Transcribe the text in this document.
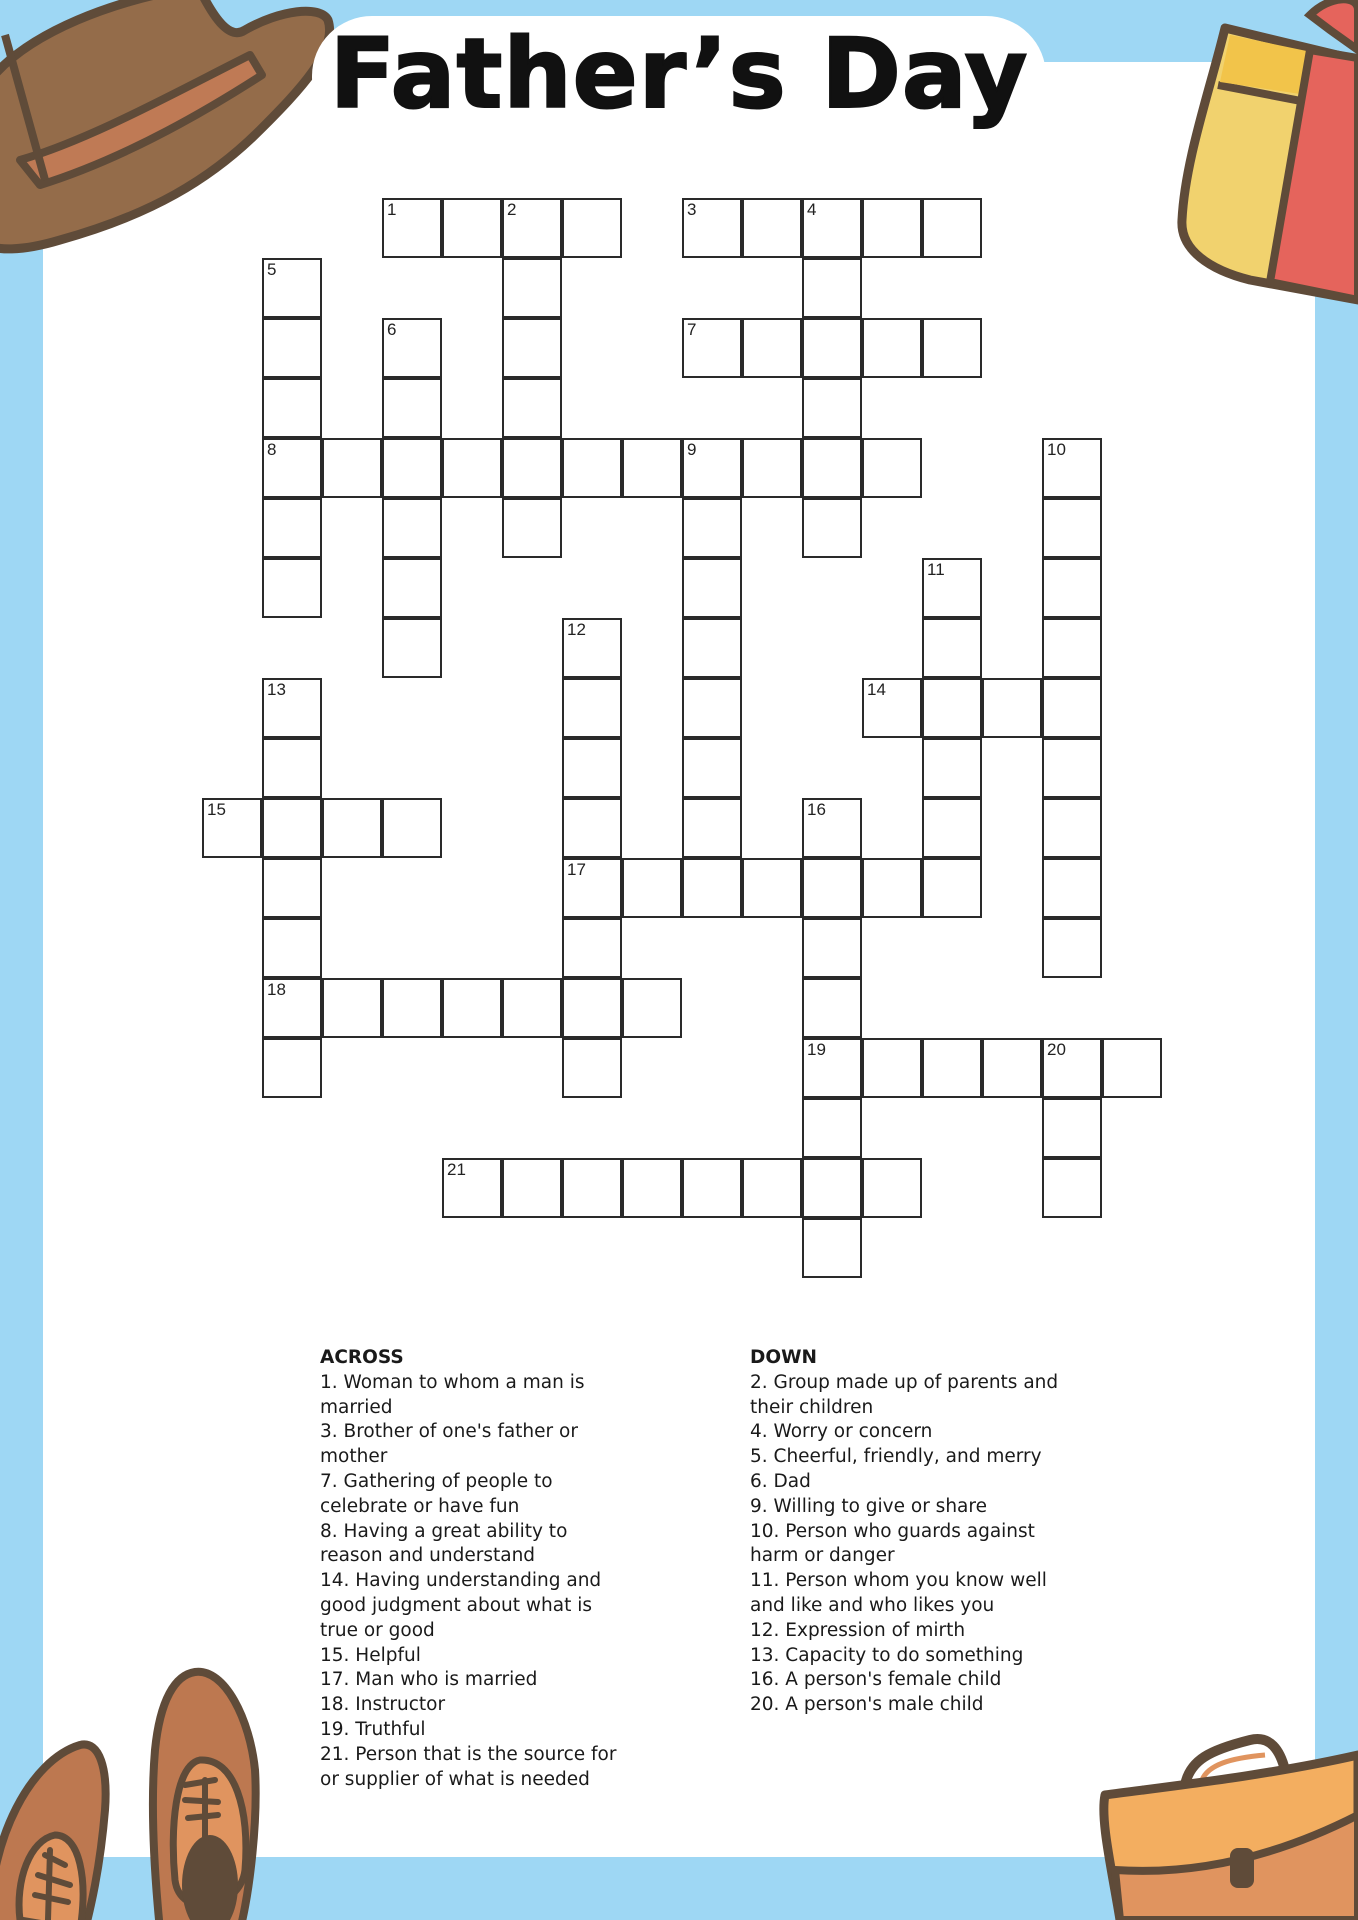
Father’s Day
1	2	3	4
5
8
6	7
9	10
11
12
17
13
18
14
15	16
19	20
21
ACROSS
1. Woman to whom a man is married
3. Brother of one's father or mother
7. Gathering of people to celebrate or have fun
8. Having a great ability to reason and understand
14. Having understanding and good judgment about what is true or good
15. Helpful
17. Man who is married
18. Instructor
19. Truthful
21. Person that is the source for or supplier of what is needed
DOWN
2. Group made up of parents and their children
4. Worry or concern
5. Cheerful, friendly, and merry
6. Dad
9. Willing to give or share
10. Person who guards against harm or danger
11. Person whom you know well and like and who likes you
12. Expression of mirth
13. Capacity to do something
16. A person's female child
20. A person's male child
